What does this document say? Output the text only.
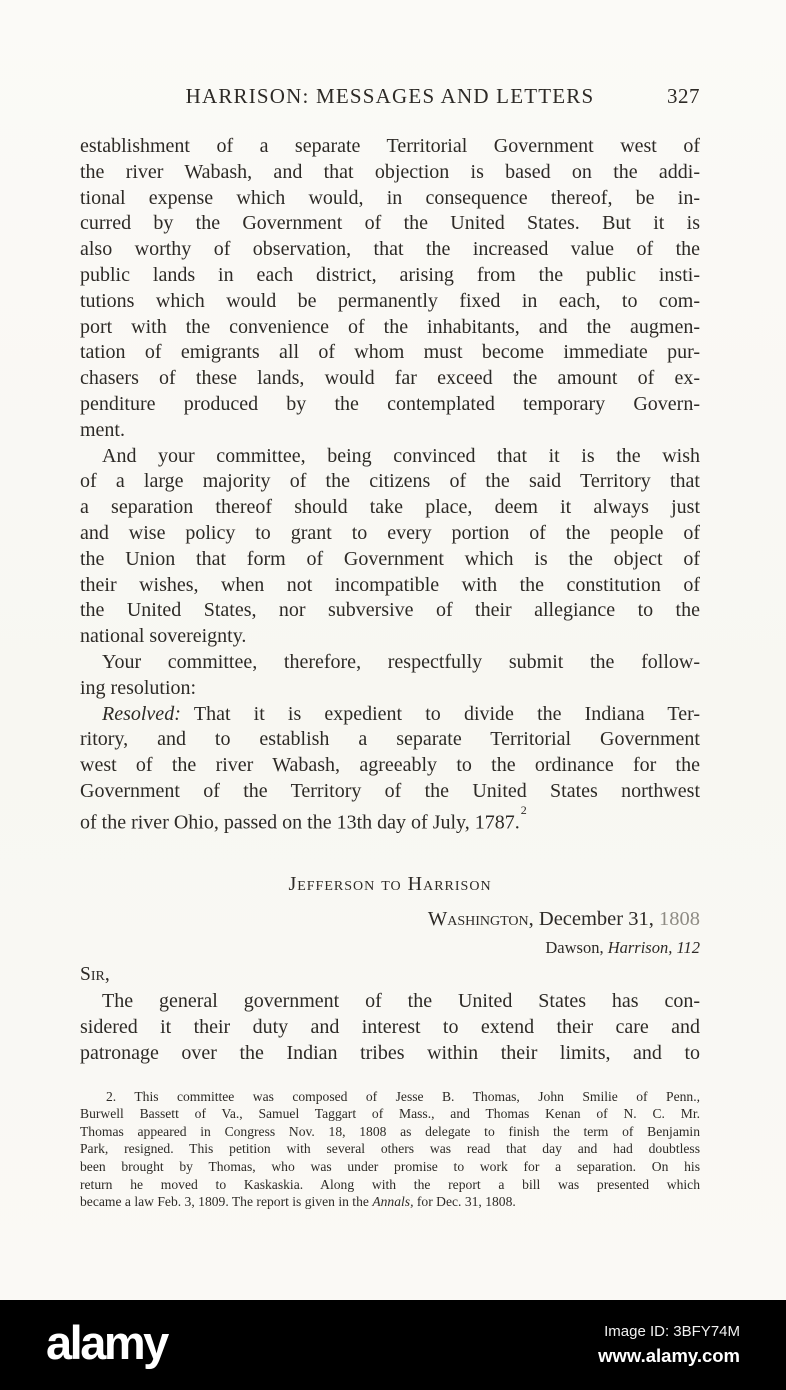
HARRISON: MESSAGES AND LETTERS	327
establishment of a separate Territorial Government west of
the river Wabash, and that objection is based on the addi-
tional expense which would, in consequence thereof, be in-
curred by the Government of the United States. But it is
also worthy of observation, that the increased value of the
public lands in each district, arising from the public insti-
tutions which would be permanently fixed in each, to com-
port with the convenience of the inhabitants, and the augmen-
tation of emigrants all of whom must become immediate pur-
chasers of these lands, would far exceed the amount of ex-
penditure produced by the contemplated temporary Govern-
ment.
And your committee, being convinced that it is the wish
of a large majority of the citizens of the said Territory that
a separation thereof should take place, deem it always just
and wise policy to grant to every portion of the people of
the Union that form of Government which is the object of
their wishes, when not incompatible with the constitution of
the United States, nor subversive of their allegiance to the
national sovereignty.
Your committee, therefore, respectfully submit the follow-
ing resolution:
Resolved: That it is expedient to divide the Indiana Ter-
ritory, and to establish a separate Territorial Government
west of the river Wabash, agreeably to the ordinance for the
Government of the Territory of the United States northwest
of the river Ohio, passed on the 13th day of July, 1787.$^2$
Jefferson to Harrison
Washington, December 31, 1808
Dawson, Harrison, 112
Sir,
The general government of the United States has con-
sidered it their duty and interest to extend their care and
patronage over the Indian tribes within their limits, and to
2. This committee was composed of Jesse B. Thomas, John Smilie of Penn.,
Burwell Bassett of Va., Samuel Taggart of Mass., and Thomas Kenan of N. C. Mr.
Thomas appeared in Congress Nov. 18, 1808 as delegate to finish the term of Benjamin
Park, resigned. This petition with several others was read that day and had doubtless
been brought by Thomas, who was under promise to work for a separation. On his
return he moved to Kaskaskia. Along with the report a bill was presented which
became a law Feb. 3, 1809. The report is given in the Annals, for Dec. 31, 1808.
alamy	Image ID: 3BFY74M
www.alamy.com
